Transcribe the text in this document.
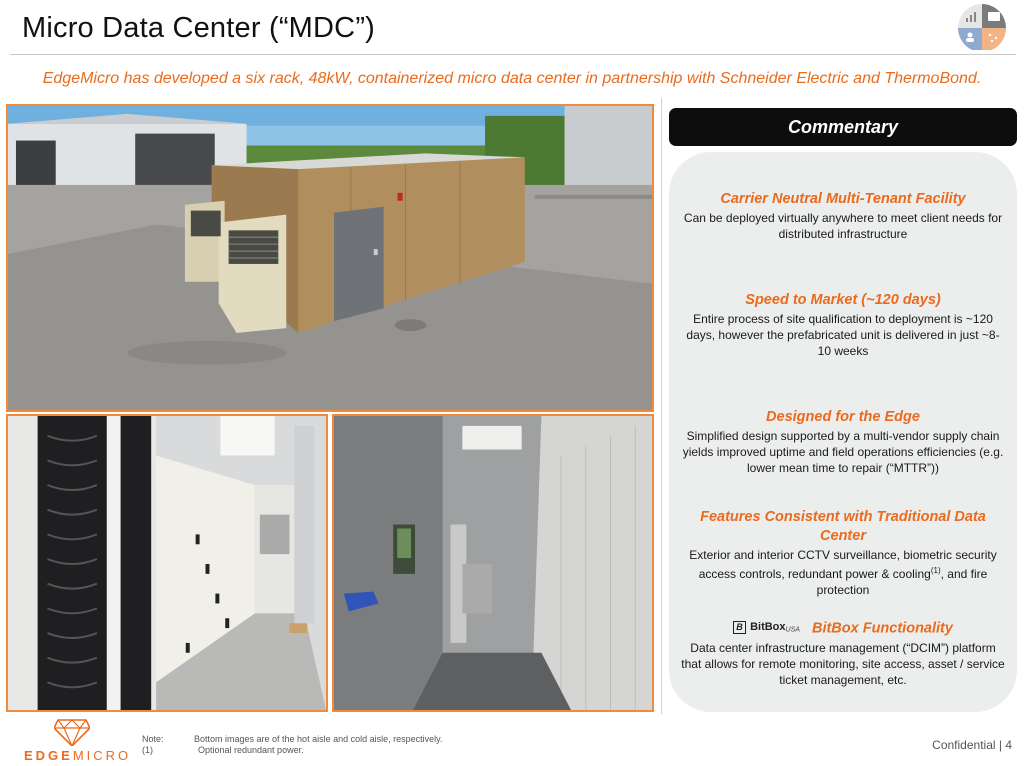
Micro Data Center (“MDC”)
EdgeMicro has developed a six rack, 48kW, containerized micro data center in partnership with Schneider Electric and ThermoBond.
Commentary
Carrier Neutral Multi-Tenant Facility
Can be deployed virtually anywhere to meet client needs for distributed infrastructure
Speed to Market (~120 days)
Entire process of site qualification to deployment is ~120 days, however the prefabricated unit is delivered in just ~8-10 weeks
Designed for the Edge
Simplified design supported by a multi-vendor supply chain yields improved uptime and field operations efficiencies (e.g. lower mean time to repair (“MTTR”))
Features Consistent with Traditional Data Center
Exterior and interior CCTV surveillance, biometric security access controls, redundant power & cooling$^{(1)}$, and fire protection
B BitBoxUSA BitBox Functionality
Data center infrastructure management (“DCIM”) platform that allows for remote monitoring, site access, asset / service ticket management, etc.
EDGEMICRO
Note:
(1)
Bottom images are of the hot aisle and cold aisle, respectively.
Optional redundant power.	Confidential | 4
